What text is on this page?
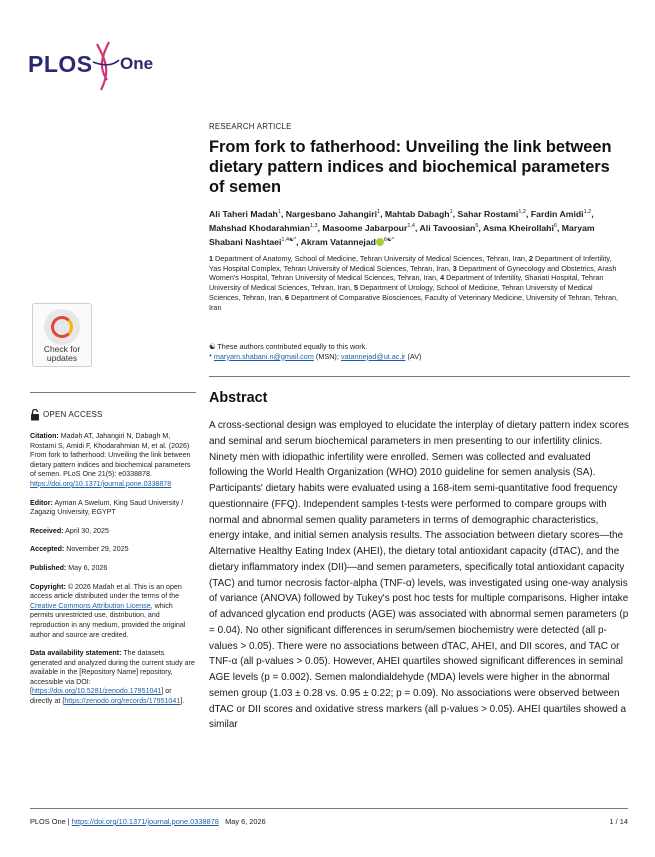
PLOS One
Check for
updates
OPEN ACCESS

Citation: Madah AT, Jahangiri N, Dabagh M, Rostami S, Amidi F, Khodarahmian M, et al. (2026) From fork to fatherhood: Unveiling the link between dietary pattern indices and biochemical parameters of semen. PLoS One 21(5): e0338878. https://doi.org/10.1371/journal.pone.0338878

Editor: Ayman A Swelum, King Saud University / Zagazig University, EGYPT

Received: April 30, 2025

Accepted: November 29, 2025

Published: May 6, 2026

Copyright: © 2026 Madah et al. This is an open access article distributed under the terms of the Creative Commons Attribution License, which permits unrestricted use, distribution, and reproduction in any medium, provided the original author and source are credited.

Data availability statement: The datasets generated and analyzed during the current study are available in the [Repository Name] repository, accessible via DOI: [https://doi.org/10.5281/zenodo.17951041] or directly at [https://zenodo.org/records/17951041].

RESEARCH ARTICLE
From fork to fatherhood: Unveiling the link between dietary pattern indices and biochemical parameters of semen
Ali Taheri Madah$^1$, Nargesbano Jahangiri$^1$, Mahtab Dabagh$^1$, Sahar Rostami$^{1,2}$, Fardin Amidi$^{1,2}$, Mahshad Khodarahmian$^{1,3}$, Masoome Jabarpour$^{1,4}$, Ali Tavoosian$^5$, Asma Kheirollahi$^6$, Maryam Shabani Nashtaei$^{1,4☯*}$, Akram Vatannejad $^{6☯*}$
1 Department of Anatomy, School of Medicine, Tehran University of Medical Sciences, Tehran, Iran, 2 Department of Infertility, Yas Hospital Complex, Tehran University of Medical Sciences, Tehran, Iran, 3 Department of Gynecology and Obstetrics, Arash Women's Hospital, Tehran University of Medical Sciences, Tehran, Iran, 4 Department of Infertility, Shariati Hospital, Tehran University of Medical Sciences, Tehran, Iran, 5 Department of Urology, School of Medicine, Tehran University of Medical Sciences, Tehran, Iran, 6 Department of Comparative Biosciences, Faculty of Veterinary Medicine, University of Tehran, Tehran, Iran
☯ These authors contributed equally to this work.
* maryam.shabani.n@gmail.com (MSN); vatannejad@ut.ac.ir (AV)
Abstract

A cross-sectional design was employed to elucidate the interplay of dietary pattern index scores and seminal and serum biochemical parameters in men presenting to our infertility clinics. Ninety men with idiopathic infertility were enrolled. Semen was collected and evaluated following the World Health Organization (WHO) 2010 guideline for semen analysis (SA). Participants' dietary habits were evaluated using a 168-item semi-quantitative food frequency questionnaire (FFQ). Independent samples t-tests were performed to compare groups with normal and abnormal semen quality parameters in terms of demographic characteristics, energy intake, and initial semen analysis results. The association between dietary scores—the Alternative Healthy Eating Index (AHEI), the dietary total antioxidant capacity (dTAC), and the dietary inflammatory index (DII)—and semen parameters, specifically total antioxidant capacity (TAC) and tumor necrosis factor-alpha (TNF-α) levels, was investigated using one-way analysis of variance (ANOVA) followed by Tukey's post hoc tests for multiple comparisons. Higher intake of advanced glycation end products (AGE) was associated with abnormal semen parameters (p = 0.04). No other significant differences in serum/semen biochemistry were detected (all p-values > 0.05). There were no associations between dTAC, AHEI, and DII scores, and TAC or TNF-α (all p-values > 0.05). However, AHEI quartiles showed significant differences in seminal AGE levels (p = 0.002). Semen malondialdehyde (MDA) levels were higher in the abnormal semen group (1.03 ± 0.28 vs. 0.95 ± 0.22; p = 0.09). No associations were observed between dTAC or DII scores and oxidative stress markers (all p-values > 0.05). AHEI quartiles showed a similar

PLOS One | https://doi.org/10.1371/journal.pone.0338878 May 6, 2026	1 / 14
